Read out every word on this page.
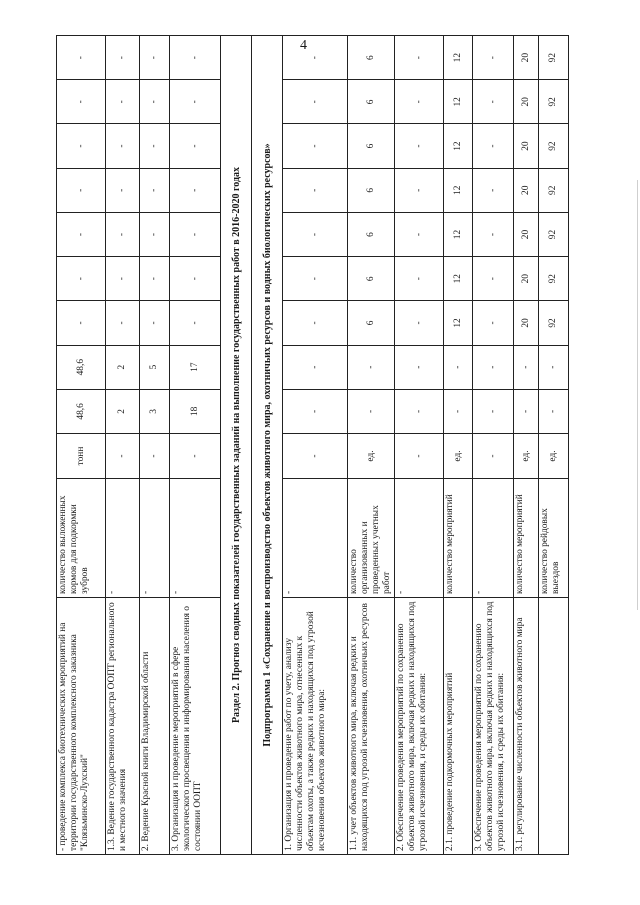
4
- проведение комплекса биотехнических мероприятий на территории государственного комплексного заказника "Клязьминско-Лухский"	количество выложенных кормов для подкормки зубров	тонн	48,6	48,6	-	-	-	-	-	-	-
1.3. Ведение государственного кадастра ООПТ регионального и местного значения	-	-	2	2	-	-	-	-	-	-	-
2. Ведение Красной книги Владимирской области	-	-	3	5	-	-	-	-	-	-	-
3. Организация и проведение мероприятий в сфере экологического просвещения и информирования населения о состоянии ООПТ	-	-	18	17	-	-	-	-	-	-	-
Раздел 2. Прогноз сводных показателей государственных заданий на выполнение государственных работ в 2016-2020 годах											
Подпрограмма 1 «Сохранение и воспроизводство объектов животного мира, охотничьих ресурсов и водных биологических ресурсов»											
1. Организация и проведение работ по учету, анализу численности объектов животного мира, отнесенных к объектам охоты, а также редких и находящихся под угрозой исчезновения объектов животного мира:	-	-	-	-	-	-	-	-	-	-	-
1.1. учет объектов животного мира, включая редких и находящихся под угрозой исчезновения, охотничьих ресурсов	количество организованных и проведенных учетных работ	ед.	-	-	6	6	6	6	6	6	6
2. Обеспечение проведения мероприятий по сохранению объектов животного мира, включая редких и находящихся под угрозой исчезновения, и среды их обитания:	-	-	-	-	-	-	-	-	-	-	-
2.1. проведение подкормочных мероприятий	количество мероприятий	ед.	-	-	12	12	12	12	12	12	12
3. Обеспечение проведения мероприятий по сохранению объектов животного мира, включая редких и находящихся под угрозой исчезновения, и среды их обитания:	-	-	-	-	-	-	-	-	-	-	-
3.1. регулирование численности объектов животного мира	количество мероприятий	ед.	-	-	20	20	20	20	20	20	20
	количество рейдовых выездов	ед.	-	-	92	92	92	92	92	92	92
